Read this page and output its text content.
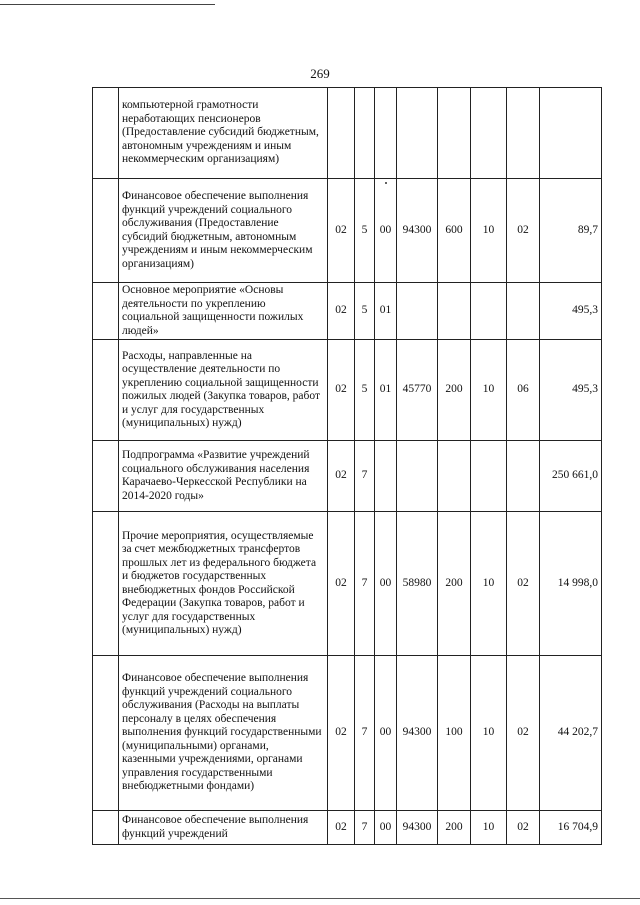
269
	компьютерной грамотности неработающих пенсионеров (Предоставление субсидий бюджетным, автономным учреждениям и иным некоммерческим организациям)								
	Финансовое обеспечение выполнения функций учреждений социального обслуживания (Предоставление субсидий бюджетным, автономным учреждениям и иным некоммерческим организациям)	02	5	00	94300	600	10	02	89,7
	Основное мероприятие «Основы деятельности по укреплению социальной защищенности пожилых людей»	02	5	01					495,3
	Расходы, направленные на осуществление деятельности по укреплению социальной защищенности пожилых людей (Закупка товаров, работ и услуг для государственных (муниципальных) нужд)	02	5	01	45770	200	10	06	495,3
	Подпрограмма «Развитие учреждений социального обслуживания населения Карачаево-Черкесской Республики на 2014-2020 годы»	02	7						250 661,0
	Прочие мероприятия, осуществляемые за счет межбюджетных трансфертов прошлых лет из федерального бюджета и бюджетов государственных внебюджетных фондов Российской Федерации (Закупка товаров, работ и услуг для государственных (муниципальных) нужд)	02	7	00	58980	200	10	02	14 998,0
	Финансовое обеспечение выполнения функций учреждений социального обслуживания (Расходы на выплаты персоналу в целях обеспечения выполнения функций государственными (муниципальными) органами, казенными учреждениями, органами управления государственными внебюджетными фондами)	02	7	00	94300	100	10	02	44 202,7
	Финансовое обеспечение выполнения функций учреждений	02	7	00	94300	200	10	02	16 704,9
